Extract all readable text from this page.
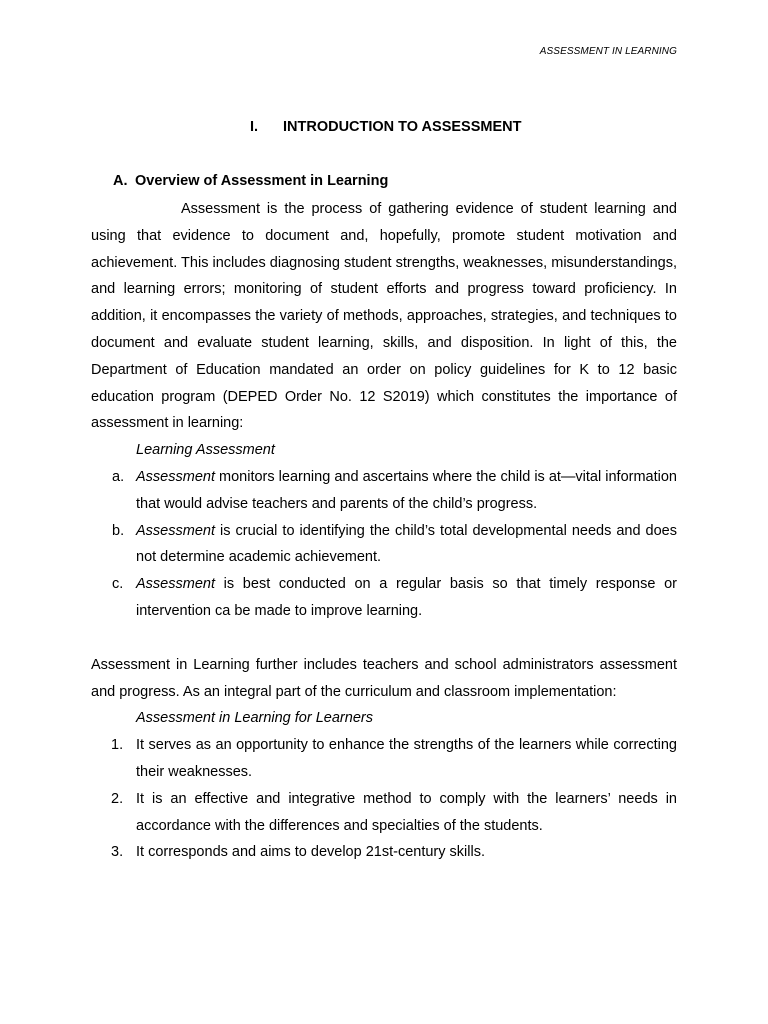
ASSESSMENT IN LEARNING
I. INTRODUCTION TO ASSESSMENT
A. Overview of Assessment in Learning

Assessment is the process of gathering evidence of student learning and using that evidence to document and, hopefully, promote student motivation and achievement. This includes diagnosing student strengths, weaknesses, misunderstandings, and learning errors; monitoring of student efforts and progress toward proficiency. In addition, it encompasses the variety of methods, approaches, strategies, and techniques to document and evaluate student learning, skills, and disposition. In light of this, the Department of Education mandated an order on policy guidelines for K to 12 basic education program (DEPED Order No. 12 S2019) which constitutes the importance of assessment in learning:

Learning Assessment

a. Assessment monitors learning and ascertains where the child is at—vital information that would advise teachers and parents of the child’s progress.
b. Assessment is crucial to identifying the child’s total developmental needs and does not determine academic achievement.
c. Assessment is best conducted on a regular basis so that timely response or intervention ca be made to improve learning.

Assessment in Learning further includes teachers and school administrators assessment and progress. As an integral part of the curriculum and classroom implementation:

Assessment in Learning for Learners

1. It serves as an opportunity to enhance the strengths of the learners while correcting their weaknesses.
2. It is an effective and integrative method to comply with the learners’ needs in accordance with the differences and specialties of the students.
3. It corresponds and aims to develop 21st-century skills.
